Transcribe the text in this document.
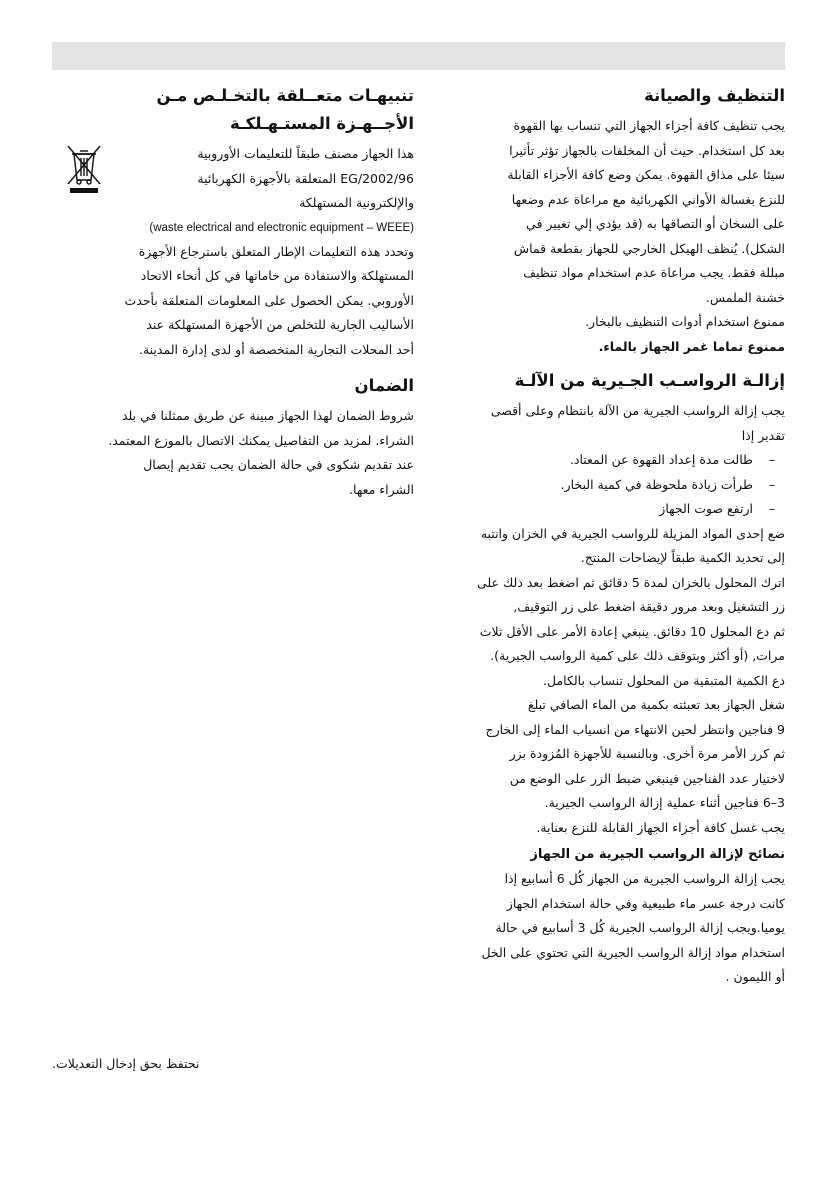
التنظيف والصيانة

يجب تنظيف كافة أجزاء الجهاز التي تنساب بها القهوة

بعد كل استخدام. حيث أن المخلفات بالجهاز تؤثر تأثيرا

سيئا على مذاق القهوة. يمكن وضع كافة الأجزاء القابلة

للنزع بغسالة الأواني الكهربائية مع مراعاة عدم وضعها

على السخان أو التصاقها به (قد يؤدي إلي تغيير في

الشكل). يُنظف الهيكل الخارجي للجهاز بقطعة قماش

مبللة فقط. يجب مراعاة عدم استخدام مواد تنظيف

خشنة الملمس.

ممنوع استخدام أدوات التنظيف بالبخار.

ممنوع تماما غمر الجهاز بالماء.

إزالـة الرواسـب الجـيرية من الآلـة

يجب إزالة الرواسب الجيرية من الآلة بانتظام وعلى أقصى

تقدير إذا

–طالت مدة إعداد القهوة عن المعتاد.
–طرأت زيادة ملحوظة في كمية البخار.
–ارتفع صوت الجهاز

ضع إحدى المواد المزيلة للرواسب الجيرية في الخزان وانتبه

إلى تحديد الكمية طبقاً لإيضاحات المنتج.

اترك المحلول بالخزان لمدة 5 دقائق ثم اضغط بعد ذلك على

زر التشغيل وبعد مرور دقيقة اضغط على زر التوقيف,

ثم دع المحلول 10 دقائق. ينبغي إعادة الأمر على الأقل ثلاث

مرات, (أو أكثر ويتوقف ذلك على كمية الرواسب الجيرية).

دع الكمية المتبقية من المحلول تنساب بالكامل.

شغل الجهاز بعد تعبئته بكمية من الماء الصافي تبلغ

9 فناجين وانتظر لحين الانتهاء من انسياب الماء إلى الخارج

ثم كرر الأمر مرة أخرى. وبالنسبة للأجهزة المُزودة بزر

لاختيار عدد الفناجين فينبغي ضبط الزر على الوضع من

3–6 فناجين أثناء عملية إزالة الرواسب الجيرية.

يجب غسل كافة أجزاء الجهاز القابلة للنزع بعناية.

نصائح لإزالة الرواسب الجيرية من الجهاز

يجب إزالة الرواسب الجيرية من الجهاز كُل 6 أسابيع إذا

كانت درجة عسر ماء طبيعية وفي حالة استخدام الجهاز

يوميا.ويجب إزالة الرواسب الجيرية كُل 3 أسابيع في حالة

استخدام مواد إزالة الرواسب الجيرية التي تحتوي على الخل

أو الليمون .

تنبيهـات متعــلقة بالتخـلـص مـن
الأجــهـزة المستـهـلكـة

هذا الجهاز مصنف طبقاً للتعليمات الأوروبية

2002/96/EG المتعلقة بالأجهزة الكهربائية

والإلكترونية المستهلكة

(waste electrical and electronic equipment – WEEE)

وتحدد هذه التعليمات الإطار المتعلق باسترجاع الأجهزة

المستهلكة والاستفادة من خاماتها في كل أنحاء الاتحاد

الأوروبي. يمكن الحصول على المعلومات المتعلقة بأحدث

الأساليب الجارية للتخلص من الأجهزة المستهلكة عند

أحد المحلات التجارية المتخصصة أو لدى إدارة المدينة.

الضمان

شروط الضمان لهذا الجهاز مبينة عن طريق ممثلنا في بلد

الشراء. لمزيد من التفاصيل يمكنك الاتصال بالموزع المعتمد.

عند تقديم شكوى في حالة الضمان يجب تقديم إيصال

الشراء معها.

نحتفظ بحق إدخال التعديلات.
